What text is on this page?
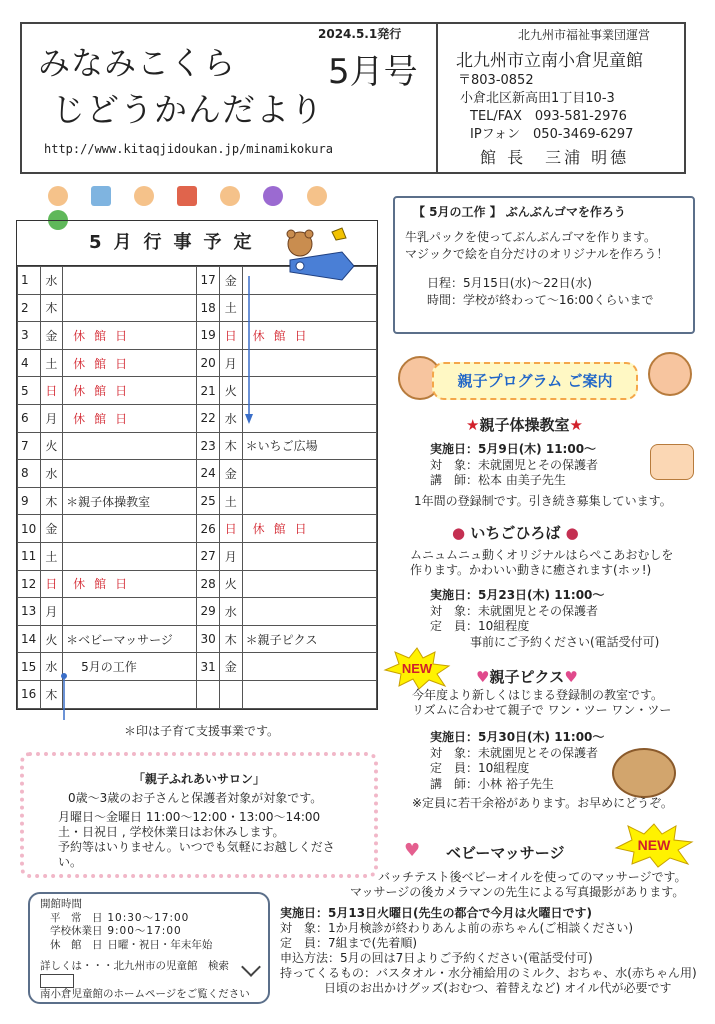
みなみこくら
じどうかんだより
2024.5.1発行
5月号
http://www.kitaqjidoukan.jp/minamikokura
北九州市福祉事業団運営
北九州市立南小倉児童館
〒803-0852
小倉北区新高田1丁目10-3
TEL/FAX　093-581-2976
IPフォン　050-3469-6297
館 長　三浦 明德

5月行事予定
1	水		17	金	
2	木		18	土	
3	金	休館日	19	日	休館日
4	土	休館日	20	月	
5	日	休館日	21	火	
6	月	休館日	22	水	
7	火		23	木	＊いちご広場
8	水		24	金	
9	木	＊親子体操教室	25	土	
10	金		26	日	休館日
11	土		27	月	
12	日	休館日	28	火	
13	月		29	水	
14	火	＊ベビーマッサージ	30	木	＊親子ピクス
15	水	5月の工作	31	金	
16	木				
＊印は子育て支援事業です。
【 5月の工作 】 ぶんぶんゴマを作ろう
牛乳パックを使ってぶんぶんゴマを作ります。
マジックで絵を自分だけのオリジナルを作ろう！
日程：5月15日(水)～22日(水)
時間：学校が終わって～16:00くらいまで
親子プログラム ご案内
★親子体操教室★
実施日：5月9日(木) 11:00～
対　象：未就園児とその保護者
講　師：松本 由美子先生
1年間の登録制です。引き続き募集しています。
● いちごひろば ●
ムニュムニュ動くオリジナルはらぺこあおむしを
作ります。かわいい動きに癒されます(ホッ!)
実施日：5月23日(木) 11:00～
対　象：未就園児とその保護者
定　員：10組程度
事前にご予約ください(電話受付可)
NEW	♥親子ピクス♥
今年度より新しくはじまる登録制の教室です。
リズムに合わせて親子で ワン・ツー ワン・ツー
実施日：5月30日(木) 11:00～
対　象：未就園児とその保護者
定　員：10組程度
講　師：小林 裕子先生
※定員に若干余裕があります。お早めにどうぞ。
「親子ふれあいサロン」
0歳～3歳のお子さんと保護者対象が対象です。
月曜日～金曜日 11:00～12:00・13:00～14:00
土・日祝日 , 学校休業日はお休みします。
予約等はいりません。いつでも気軽にお越しください。
開館時間
平　常　日 10:30～17:00
学校休業日 9:00～17:00
休　館　日 日曜・祝日・年末年始
詳しくは・・・北九州市の児童館　検索
南小倉児童館のホームページをご覧ください
♥ ベビーマッサージ	NEW
バッチテスト後ベビーオイルを使ってのマッサージです。
マッサージの後カメラマンの先生による写真撮影があります。
実施日：5月13日火曜日(先生の都合で今月は火曜日です)
対　象：1か月検診が終わりあんよ前の赤ちゃん(ご相談ください)
定　員：7組まで(先着順)
申込方法：5月の回は7日よりご予約ください(電話受付可)
持ってくるもの：バスタオル・水分補給用のミルク、おちゃ、水(赤ちゃん用)
日頃のお出かけグッズ(おむつ、着替えなど) オイル代が必要です
